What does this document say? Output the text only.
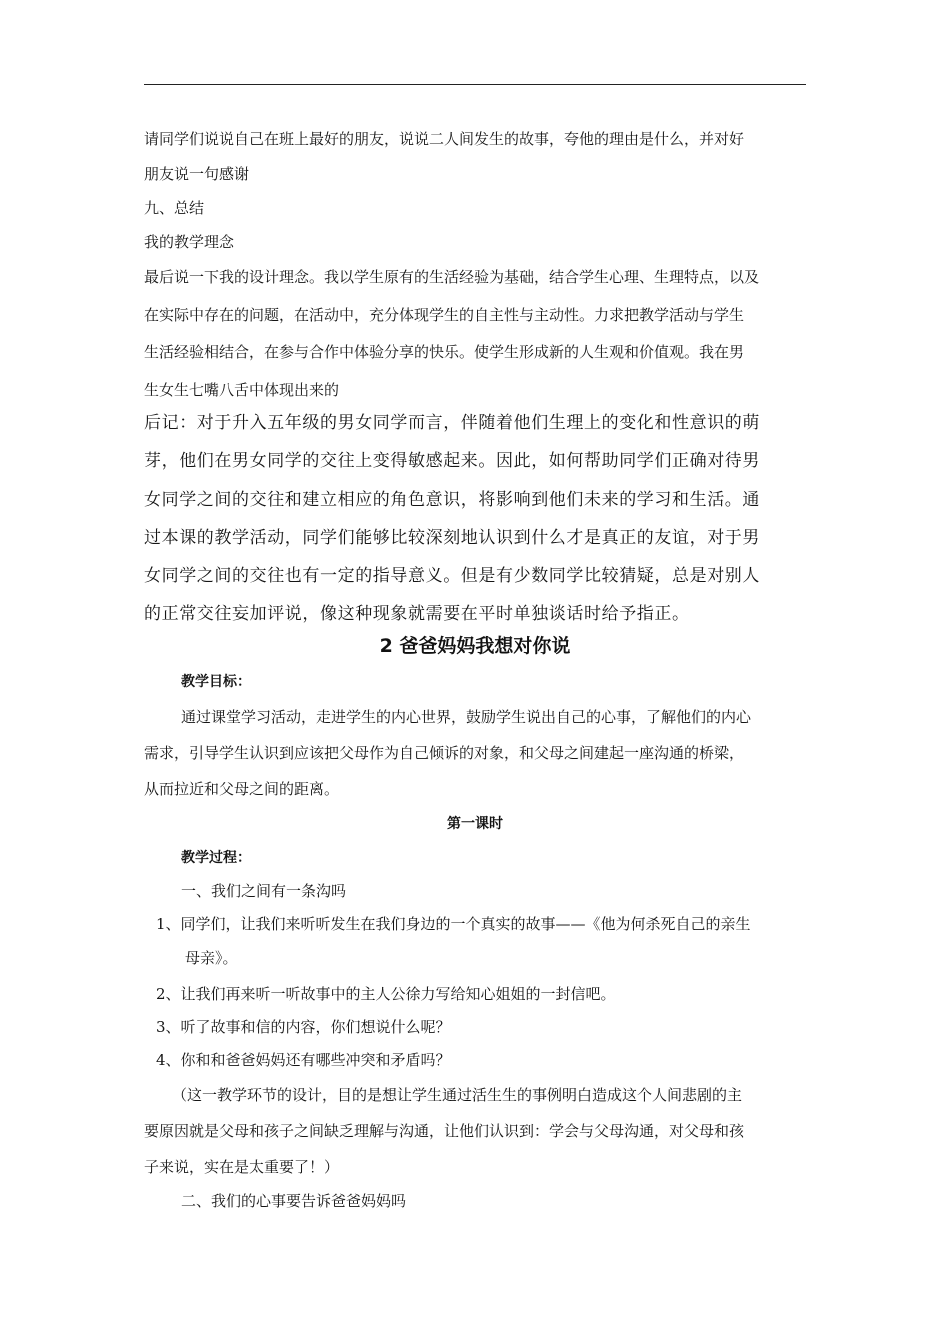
请同学们说说自己在班上最好的朋友，说说二人间发生的故事，夸他的理由是什么，并对好
朋友说一句感谢
九、总结
我的教学理念
最后说一下我的设计理念。我以学生原有的生活经验为基础，结合学生心理、生理特点，以及
在实际中存在的问题，在活动中，充分体现学生的自主性与主动性。力求把教学活动与学生
生活经验相结合，在参与合作中体验分享的快乐。使学生形成新的人生观和价值观。我在男
生女生七嘴八舌中体现出来的
后记：对于升入五年级的男女同学而言，伴随着他们生理上的变化和性意识的萌
芽，他们在男女同学的交往上变得敏感起来。因此，如何帮助同学们正确对待男
女同学之间的交往和建立相应的角色意识，将影响到他们未来的学习和生活。通
过本课的教学活动，同学们能够比较深刻地认识到什么才是真正的友谊，对于男
女同学之间的交往也有一定的指导意义。但是有少数同学比较猜疑，总是对别人
的正常交往妄加评说，像这种现象就需要在平时单独谈话时给予指正。
2 爸爸妈妈我想对你说
教学目标：
通过课堂学习活动，走进学生的内心世界，鼓励学生说出自己的心事，了解他们的内心
需求，引导学生认识到应该把父母作为自己倾诉的对象，和父母之间建起一座沟通的桥梁，
从而拉近和父母之间的距离。
第一课时
教学过程：
一、我们之间有一条沟吗
1、同学们，让我们来听听发生在我们身边的一个真实的故事——《他为何杀死自己的亲生
母亲》。
2、让我们再来听一听故事中的主人公徐力写给知心姐姐的一封信吧。
3、听了故事和信的内容，你们想说什么呢？
4、你和和爸爸妈妈还有哪些冲突和矛盾吗？
（这一教学环节的设计，目的是想让学生通过活生生的事例明白造成这个人间悲剧的主
要原因就是父母和孩子之间缺乏理解与沟通，让他们认识到：学会与父母沟通，对父母和孩
子来说，实在是太重要了！）
二、我们的心事要告诉爸爸妈妈吗
